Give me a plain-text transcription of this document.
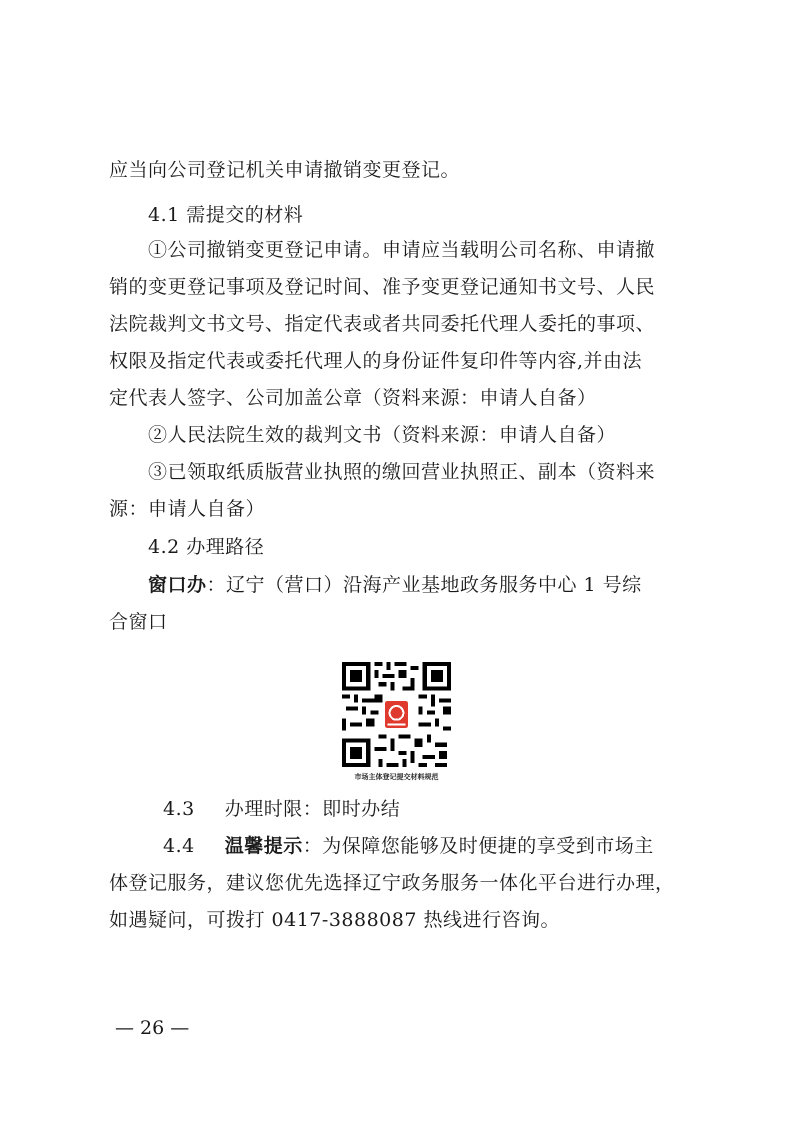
应当向公司登记机关申请撤销变更登记。
4.1 需提交的材料
①公司撤销变更登记申请。申请应当载明公司名称、申请撤
销的变更登记事项及登记时间、准予变更登记通知书文号、人民
法院裁判文书文号、指定代表或者共同委托代理人委托的事项、
权限及指定代表或委托代理人的身份证件复印件等内容,并由法
定代表人签字、公司加盖公章（资料来源：申请人自备）
②人民法院生效的裁判文书（资料来源：申请人自备）
③已领取纸质版营业执照的缴回营业执照正、副本（资料来
源：申请人自备）
4.2 办理路径
窗口办：辽宁（营口）沿海产业基地政务服务中心 1 号综
合窗口
市场主体登记提交材料规范
4.3 办理时限：即时办结
4.4 温馨提示：为保障您能够及时便捷的享受到市场主
体登记服务，建议您优先选择辽宁政务服务一体化平台进行办理，
如遇疑问，可拨打 0417-3888087 热线进行咨询。
— 26 —
